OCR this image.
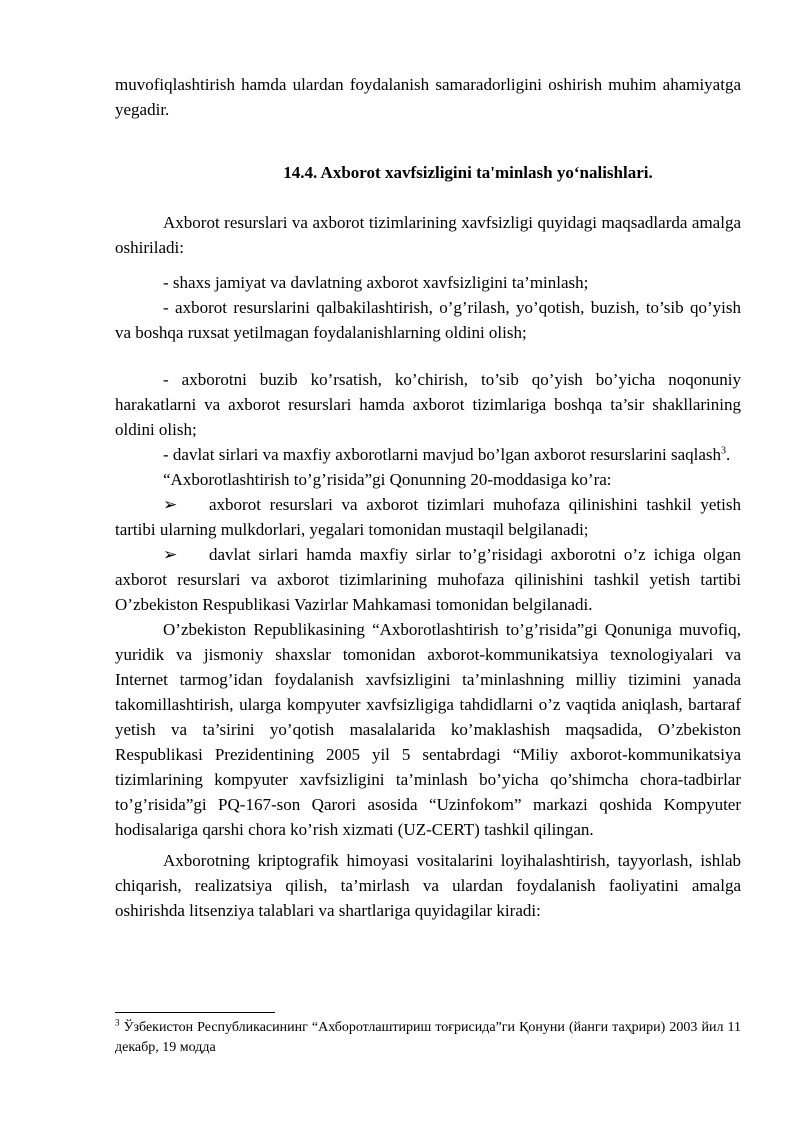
muvofiqlashtirish hamda ulardan foydalanish samaradorligini oshirish muhim ahamiyatga yegadir.

14.4. Axborot xavfsizligini ta'minlash yo‘nalishlari.

Axborot resurslari va axborot tizimlarining xavfsizligi quyidagi maqsadlarda amalga oshiriladi:

- shaxs jamiyat va davlatning axborot xavfsizligini ta’minlash;

- axborot resurslarini qalbakilashtirish, o’g’rilash, yo’qotish, buzish, to’sib qo’yish va boshqa ruxsat yetilmagan foydalanishlarning oldini olish;

- axborotni buzib ko’rsatish, ko’chirish, to’sib qo’yish bo’yicha noqonuniy harakatlarni va axborot resurslari hamda axborot tizimlariga boshqa ta’sir shakllarining oldini olish;

- davlat sirlari va maxfiy axborotlarni mavjud bo’lgan axborot resurslarini saqlash$^3$.

“Axborotlashtirish to’g’risida”gi Qonunning 20-moddasiga ko’ra:

➢ axborot resurslari va axborot tizimlari muhofaza qilinishini tashkil yetish tartibi ularning mulkdorlari, yegalari tomonidan mustaqil belgilanadi;

➢ davlat sirlari hamda maxfiy sirlar to’g’risidagi axborotni o’z ichiga olgan axborot resurslari va axborot tizimlarining muhofaza qilinishini tashkil yetish tartibi O’zbekiston Respublikasi Vazirlar Mahkamasi tomonidan belgilanadi.

O’zbekiston Republikasining “Axborotlashtirish to’g’risida”gi Qonuniga muvofiq, yuridik va jismoniy shaxslar tomonidan axborot-kommunikatsiya texnologiyalari va Internet tarmog’idan foydalanish xavfsizligini ta’minlashning milliy tizimini yanada takomillashtirish, ularga kompyuter xavfsizligiga tahdidlarni o’z vaqtida aniqlash, bartaraf yetish va ta’sirini yo’qotish masalalarida ko’maklashish maqsadida, O’zbekiston Respublikasi Prezidentining 2005 yil 5 sentabrdagi “Miliy axborot-kommunikatsiya tizimlarining kompyuter xavfsizligini ta’minlash bo’yicha qo’shimcha chora-tadbirlar to’g’risida”gi PQ-167-son Qarori asosida “Uzinfokom” markazi qoshida Kompyuter hodisalariga qarshi chora ko’rish xizmati (UZ-CERT) tashkil qilingan.

Axborotning kriptografik himoyasi vositalarini loyihalashtirish, tayyorlash, ishlab chiqarish, realizatsiya qilish, ta’mirlash va ulardan foydalanish faoliyatini amalga oshirishda litsenziya talablari va shartlariga quyidagilar kiradi:

$^3$ Ўзбекистон Республикасининг “Ахборотлаштириш тоғрисида”ги Қонуни (йанги таҳрири) 2003 йил 11 декабр, 19 модда
